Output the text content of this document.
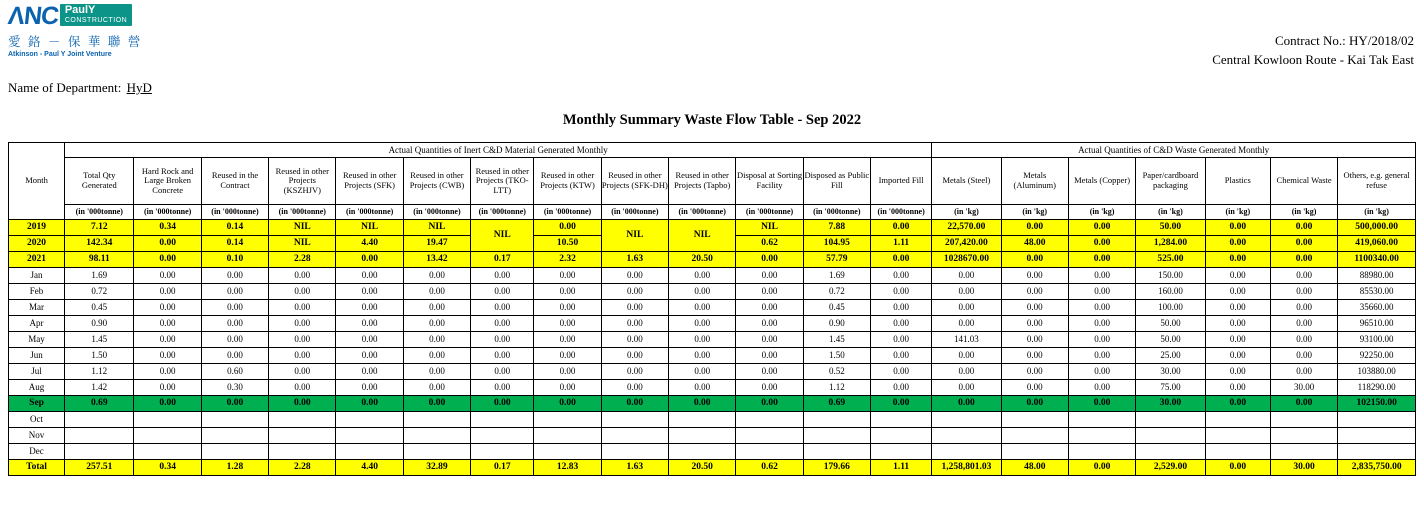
ΛΝС PaulY
CONSTRUCTION
愛 鉻 － 保 華 聯 營
Atkinson - Paul Y Joint Venture
Contract No.: HY/2018/02
Central Kowloon Route - Kai Tak East
Name of Department: HyD
Monthly Summary Waste Flow Table - Sep 2022
Month	Actual Quantities of Inert C&D Material Generated Monthly													Actual Quantities of C&D Waste Generated Monthly						
	Total Qty Generated	Hard Rock and Large Broken Concrete	Reused in the Contract	Reused in other Projects (KSZHJV)	Reused in other Projects (SFK)	Reused in other Projects (CWB)	Reused in other Projects (TKO-LTT)	Reused in other Projects (KTW)	Reused in other Projects (SFK-DH)	Reused in other Projects (Tapbo)	Disposal at Sorting Facility	Disposed as Public Fill	Imported Fill	Metals (Steel)	Metals (Aluminum)	Metals (Copper)	Paper/cardboard packaging	Plastics	Chemical Waste	Others, e.g. general refuse
	(in '000tonne)	(in '000tonne)	(in '000tonne)	(in '000tonne)	(in '000tonne)	(in '000tonne)	(in '000tonne)	(in '000tonne)	(in '000tonne)	(in '000tonne)	(in '000tonne)	(in '000tonne)	(in '000tonne)	(in 'kg)	(in 'kg)	(in 'kg)	(in 'kg)	(in 'kg)	(in 'kg)	(in 'kg)
2019	7.12	0.34	0.14	NIL	NIL	NIL	NIL	0.00	NIL	NIL	NIL	7.88	0.00	22,570.00	0.00	0.00	50.00	0.00	0.00	500,000.00
2020	142.34	0.00	0.14	NIL	4.40	19.47		10.50			0.62	104.95	1.11	207,420.00	48.00	0.00	1,284.00	0.00	0.00	419,060.00
2021	98.11	0.00	0.10	2.28	0.00	13.42	0.17	2.32	1.63	20.50	0.00	57.79	0.00	1028670.00	0.00	0.00	525.00	0.00	0.00	1100340.00
Jan	1.69	0.00	0.00	0.00	0.00	0.00	0.00	0.00	0.00	0.00	0.00	1.69	0.00	0.00	0.00	0.00	150.00	0.00	0.00	88980.00
Feb	0.72	0.00	0.00	0.00	0.00	0.00	0.00	0.00	0.00	0.00	0.00	0.72	0.00	0.00	0.00	0.00	160.00	0.00	0.00	85530.00
Mar	0.45	0.00	0.00	0.00	0.00	0.00	0.00	0.00	0.00	0.00	0.00	0.45	0.00	0.00	0.00	0.00	100.00	0.00	0.00	35660.00
Apr	0.90	0.00	0.00	0.00	0.00	0.00	0.00	0.00	0.00	0.00	0.00	0.90	0.00	0.00	0.00	0.00	50.00	0.00	0.00	96510.00
May	1.45	0.00	0.00	0.00	0.00	0.00	0.00	0.00	0.00	0.00	0.00	1.45	0.00	141.03	0.00	0.00	50.00	0.00	0.00	93100.00
Jun	1.50	0.00	0.00	0.00	0.00	0.00	0.00	0.00	0.00	0.00	0.00	1.50	0.00	0.00	0.00	0.00	25.00	0.00	0.00	92250.00
Jul	1.12	0.00	0.60	0.00	0.00	0.00	0.00	0.00	0.00	0.00	0.00	0.52	0.00	0.00	0.00	0.00	30.00	0.00	0.00	103880.00
Aug	1.42	0.00	0.30	0.00	0.00	0.00	0.00	0.00	0.00	0.00	0.00	1.12	0.00	0.00	0.00	0.00	75.00	0.00	30.00	118290.00
Sep	0.69	0.00	0.00	0.00	0.00	0.00	0.00	0.00	0.00	0.00	0.00	0.69	0.00	0.00	0.00	0.00	30.00	0.00	0.00	102150.00
Oct																				
Nov																				
Dec																				
Total	257.51	0.34	1.28	2.28	4.40	32.89	0.17	12.83	1.63	20.50	0.62	179.66	1.11	1,258,801.03	48.00	0.00	2,529.00	0.00	30.00	2,835,750.00
